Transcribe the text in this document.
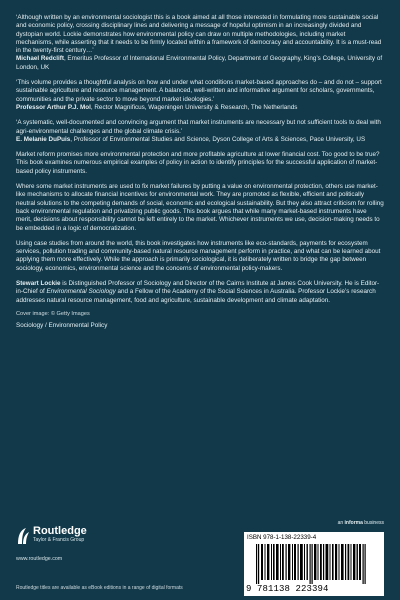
‘Although written by an environmental sociologist this is a book aimed at all those interested in formulating more sustainable social and economic policy, crossing disciplinary lines and delivering a message of hopeful optimism in an increasingly divided and dystopian world. Lockie demonstrates how environmental policy can draw on multiple methodologies, including market mechanisms, while asserting that it needs to be firmly located within a framework of democracy and accountability. It is a must-read in the twenty-first century…’

Michael Redclift, Emeritus Professor of International Environmental Policy, Department of Geography, King’s College, University of London, UK

‘This volume provides a thoughtful analysis on how and under what conditions market-based approaches do – and do not – support sustainable agriculture and resource management. A balanced, well-written and informative argument for scholars, governments, communities and the private sector to move beyond market ideologies.’

Professor Arthur P.J. Mol, Rector Magnificus, Wageningen University & Research, The Netherlands

‘A systematic, well-documented and convincing argument that market instruments are necessary but not sufficient tools to deal with agri-environmental challenges and the global climate crisis.’

E. Melanie DuPuis, Professor of Environmental Studies and Science, Dyson College of Arts & Sciences, Pace University, US

Market reform promises more environmental protection and more profitable agriculture at lower financial cost. Too good to be true? This book examines numerous empirical examples of policy in action to identify principles for the successful application of market-based policy instruments.

Where some market instruments are used to fix market failures by putting a value on environmental protection, others use market-like mechanisms to allocate financial incentives for environmental work. They are promoted as flexible, efficient and politically neutral solutions to the competing demands of social, economic and ecological sustainability. But they also attract criticism for rolling back environmental regulation and privatizing public goods. This book argues that while many market-based instruments have merit, decisions about responsibility cannot be left entirely to the market. Whichever instruments we use, decision-making needs to be embedded in a logic of democratization.

Using case studies from around the world, this book investigates how instruments like eco-standards, payments for ecosystem services, pollution trading and community-based natural resource management perform in practice, and what can be learned about applying them more effectively. While the approach is primarily sociological, it is deliberately written to bridge the gap between sociology, economics, environmental science and the concerns of environmental policy-makers.

Stewart Lockie is Distinguished Professor of Sociology and Director of the Cairns Institute at James Cook University. He is Editor-in-Chief of Environmental Sociology and a Fellow of the Academy of the Social Sciences in Australia. Professor Lockie’s research addresses natural resource management, food and agriculture, sustainable development and climate adaptation.

Cover image: © Getty Images

Sociology / Environmental Policy

Routledge
Taylor & Francis Group
www.routledge.com
Routledge titles are available as eBook editions in a range of digital formats
ISBN 978-1-138-22339-4
9 781138 223394
an informa business
